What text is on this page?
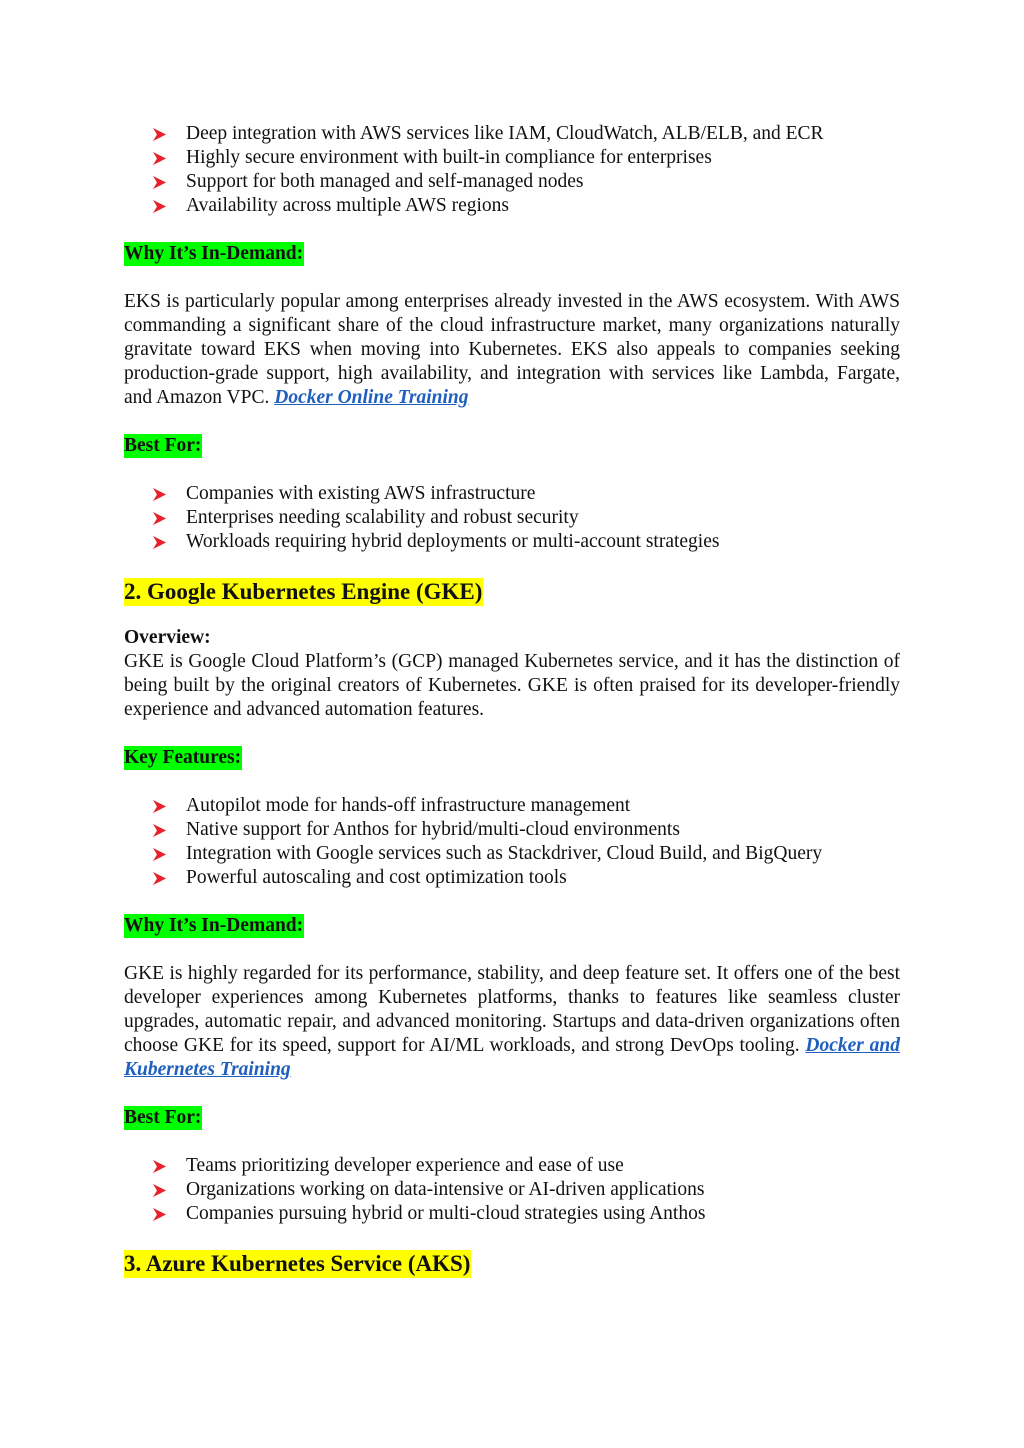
Deep integration with AWS services like IAM, CloudWatch, ALB/ELB, and ECR
Highly secure environment with built-in compliance for enterprises
Support for both managed and self-managed nodes
Availability across multiple AWS regions
Why It’s In-Demand:

EKS is particularly popular among enterprises already invested in the AWS ecosystem. With AWS commanding a significant share of the cloud infrastructure market, many organizations naturally gravitate toward EKS when moving into Kubernetes. EKS also appeals to companies seeking production-grade support, high availability, and integration with services like Lambda, Fargate, and Amazon VPC. Docker Online Training

Best For:
Companies with existing AWS infrastructure
Enterprises needing scalability and robust security
Workloads requiring hybrid deployments or multi-account strategies
2. Google Kubernetes Engine (GKE)
Overview:

GKE is Google Cloud Platform’s (GCP) managed Kubernetes service, and it has the distinction of being built by the original creators of Kubernetes. GKE is often praised for its developer-friendly experience and advanced automation features.

Key Features:
Autopilot mode for hands-off infrastructure management
Native support for Anthos for hybrid/multi-cloud environments
Integration with Google services such as Stackdriver, Cloud Build, and BigQuery
Powerful autoscaling and cost optimization tools
Why It’s In-Demand:

GKE is highly regarded for its performance, stability, and deep feature set. It offers one of the best developer experiences among Kubernetes platforms, thanks to features like seamless cluster upgrades, automatic repair, and advanced monitoring. Startups and data-driven organizations often choose GKE for its speed, support for AI/ML workloads, and strong DevOps tooling. Docker and Kubernetes Training

Best For:
Teams prioritizing developer experience and ease of use
Organizations working on data-intensive or AI-driven applications
Companies pursuing hybrid or multi-cloud strategies using Anthos
3. Azure Kubernetes Service (AKS)
